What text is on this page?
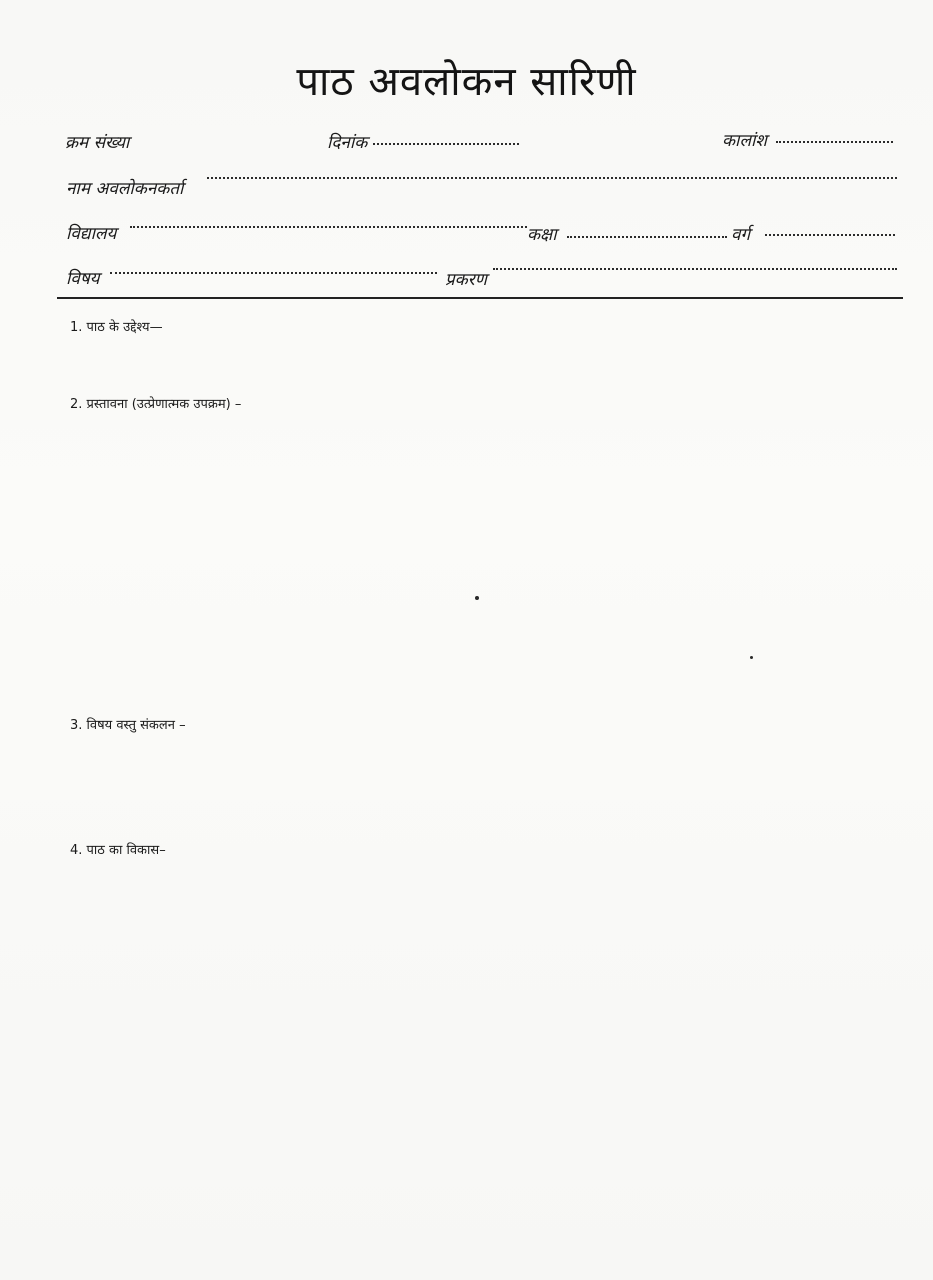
पाठ अवलोकन सारिणी
क्रम संख्या	दिनांक	कालांश
नाम अवलोकनकर्ता
विद्यालय	कक्षा	वर्ग
विषय	प्रकरण
1. पाठ के उद्देश्य—
2. प्रस्तावना (उत्प्रेणात्मक उपक्रम) –
3. विषय वस्तु संकलन –
4. पाठ का विकास–
